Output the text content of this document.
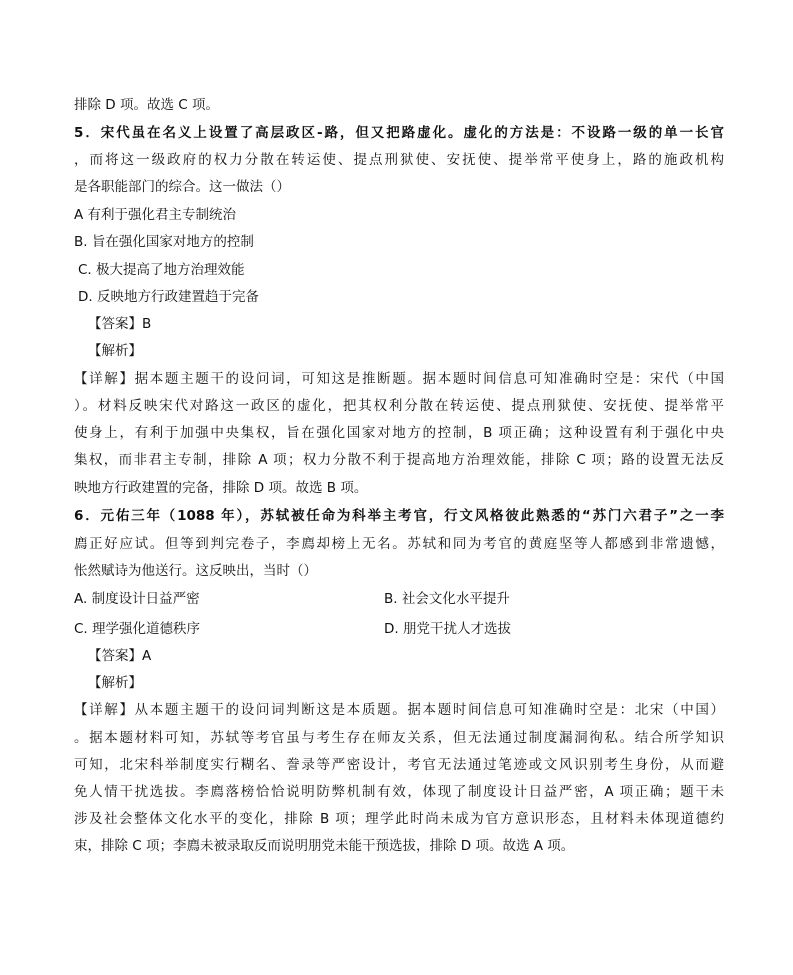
排除 D 项。故选 C 项。
5．宋代虽在名义上设置了高层政区-路，但又把路虚化。虚化的方法是：不设路一级的单一长官
，而将这一级政府的权力分散在转运使、提点刑狱使、安抚使、提举常平使身上，路的施政机构
是各职能部门的综合。这一做法（）
A 有利于强化君主专制统治
B. 旨在强化国家对地方的控制
C. 极大提高了地方治理效能
D. 反映地方行政建置趋于完备
【答案】B
【解析】
【详解】据本题主题干的设问词，可知这是推断题。据本题时间信息可知准确时空是：宋代（中国
）。材料反映宋代对路这一政区的虚化，把其权利分散在转运使、提点刑狱使、安抚使、提举常平
使身上，有利于加强中央集权，旨在强化国家对地方的控制，B 项正确；这种设置有利于强化中央
集权，而非君主专制，排除 A 项；权力分散不利于提高地方治理效能，排除 C 项；路的设置无法反
映地方行政建置的完备，排除 D 项。故选 B 项。
6．元佑三年（1088 年），苏轼被任命为科举主考官，行文风格彼此熟悉的“苏门六君子”之一李
廌正好应试。但等到判完卷子，李廌却榜上无名。苏轼和同为考官的黄庭坚等人都感到非常遗憾，
怅然赋诗为他送行。这反映出，当时（）
A. 制度设计日益严密	B. 社会文化水平提升
C. 理学强化道德秩序	D. 朋党干扰人才选拔
【答案】A
【解析】
【详解】从本题主题干的设问词判断这是本质题。据本题时间信息可知准确时空是：北宋（中国）
。据本题材料可知，苏轼等考官虽与考生存在师友关系，但无法通过制度漏洞徇私。结合所学知识
可知，北宋科举制度实行糊名、誊录等严密设计，考官无法通过笔迹或文风识别考生身份，从而避
免人情干扰选拔。李廌落榜恰恰说明防弊机制有效，体现了制度设计日益严密，A 项正确；题干未
涉及社会整体文化水平的变化，排除 B 项；理学此时尚未成为官方意识形态，且材料未体现道德约
束，排除 C 项；李廌未被录取反而说明朋党未能干预选拔，排除 D 项。故选 A 项。
